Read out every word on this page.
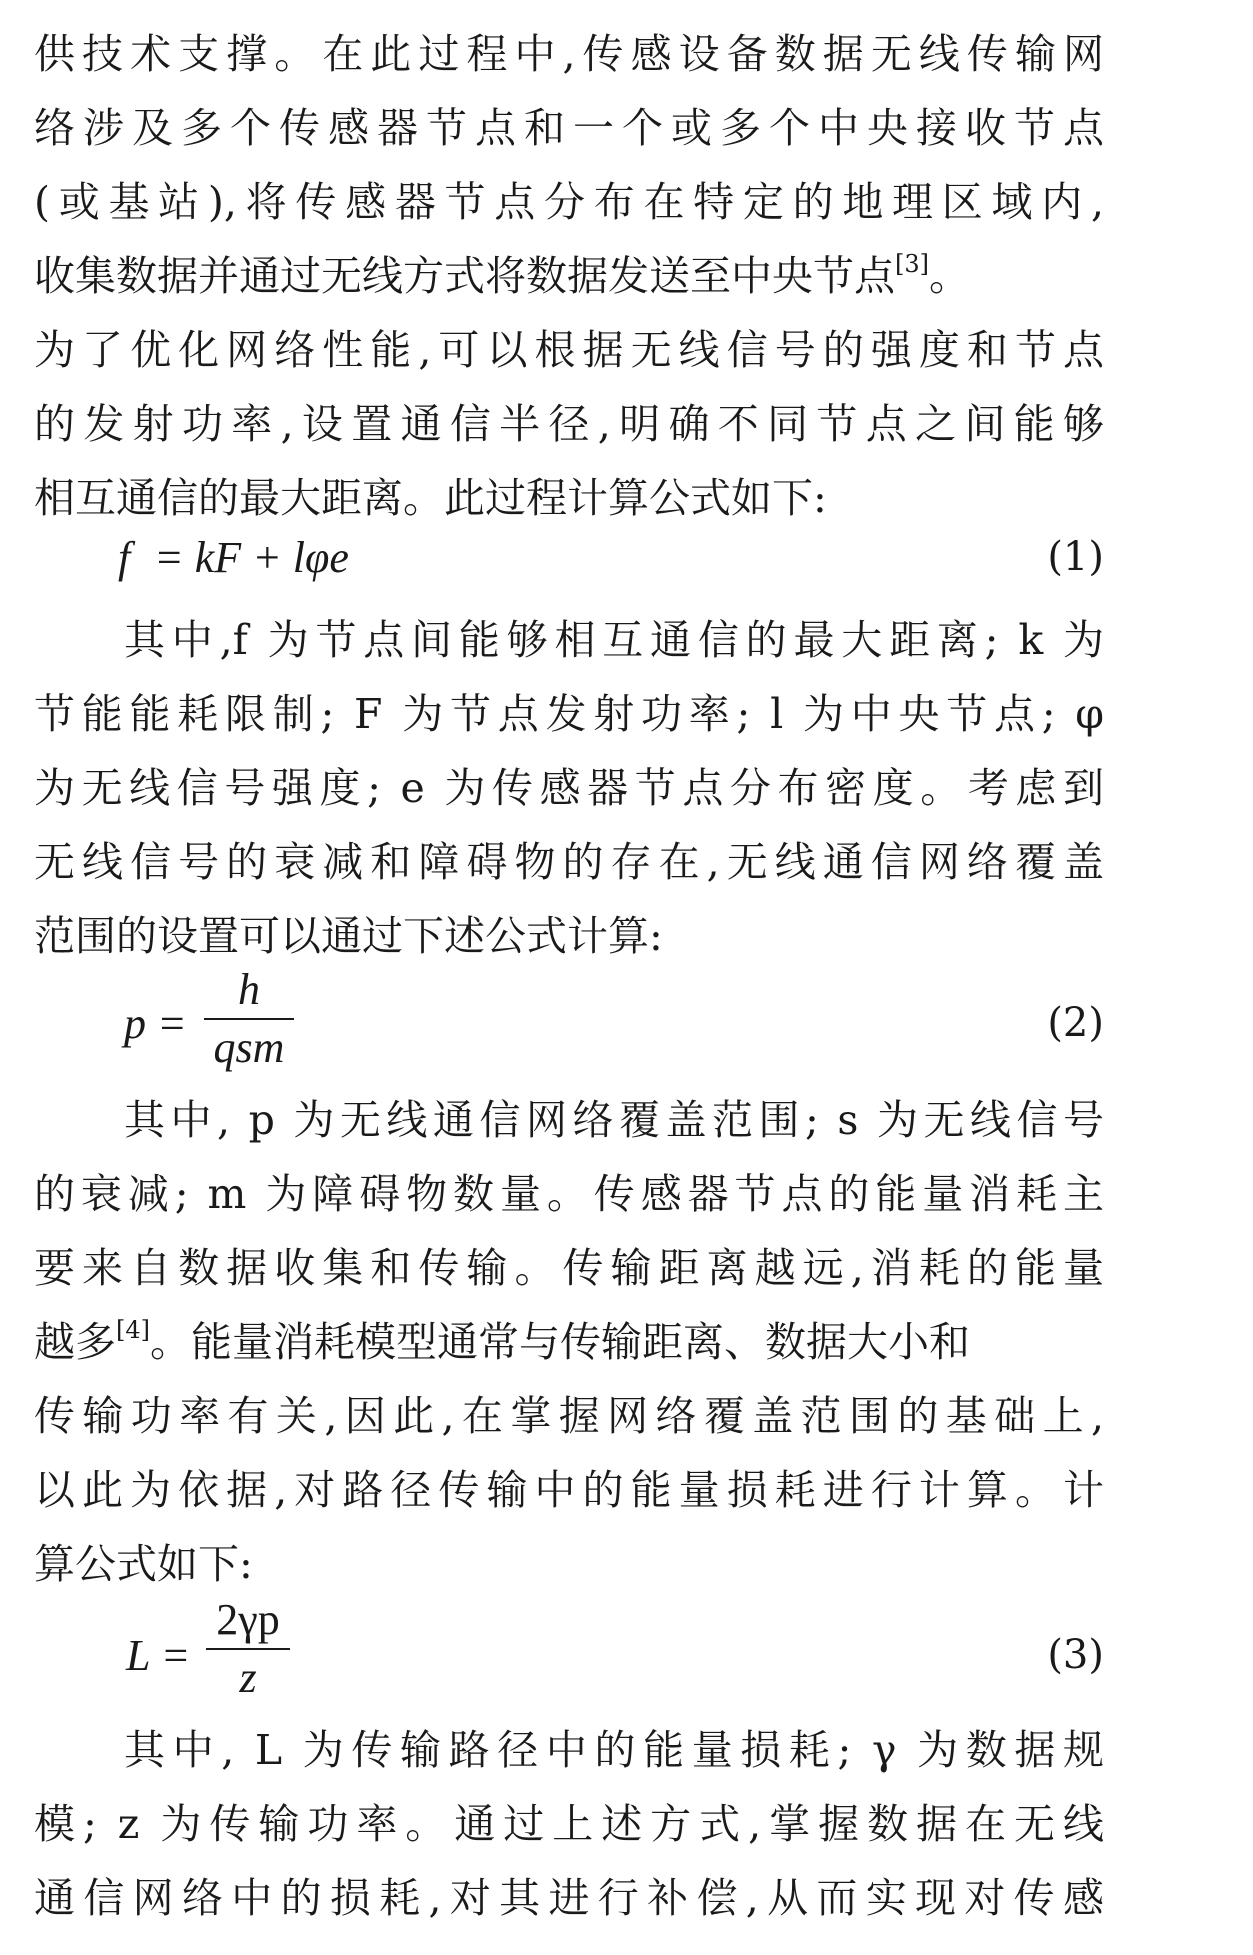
供技术支撑。在此过程中,传感设备数据无线传输网
络涉及多个传感器节点和一个或多个中央接收节点
(或基站),将传感器节点分布在特定的地理区域内,
收集数据并通过无线方式将数据发送至中央节点[3]。
为了优化网络性能,可以根据无线信号的强度和节点
的发射功率,设置通信半径,明确不同节点之间能够
相互通信的最大距离。此过程计算公式如下:
f = kF + lφe	(1)
其中,f 为节点间能够相互通信的最大距离; k 为
节能能耗限制; F 为节点发射功率; l 为中央节点; φ
为无线信号强度; e 为传感器节点分布密度。考虑到
无线信号的衰减和障碍物的存在,无线通信网络覆盖
范围的设置可以通过下述公式计算:
p =
h
qsm	(2)
其中, p 为无线通信网络覆盖范围; s 为无线信号
的衰减; m 为障碍物数量。传感器节点的能量消耗主
要来自数据收集和传输。传输距离越远,消耗的能量
越多[4]。能量消耗模型通常与传输距离、数据大小和
传输功率有关,因此,在掌握网络覆盖范围的基础上,
以此为依据,对路径传输中的能量损耗进行计算。计
算公式如下:
L =
2γp
z	(3)
其中, L 为传输路径中的能量损耗; γ 为数据规
模; z 为传输功率。通过上述方式,掌握数据在无线
通信网络中的损耗,对其进行补偿,从而实现对传感
